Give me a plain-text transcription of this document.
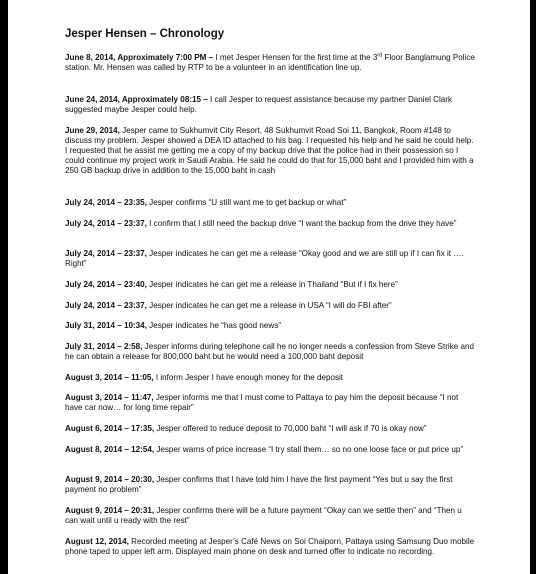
Jesper Hensen – Chronology
June 8, 2014, Approximately 7:00 PM – I met Jesper Hensen for the first time at the 3rd Floor Banglamung Police station. Mr. Hensen was called by RTP to be a volunteer in an identification line up.
June 24, 2014, Approximately 08:15 – I call Jesper to request assistance because my partner Daniel Clark suggested maybe Jesper could help.
June 29, 2014, Jesper came to Sukhumvit City Resort, 48 Sukhumvit Road Soi 11, Bangkok, Room #148 to discuss my problem. Jesper showed a DEA ID attached to his bag. I requested his help and he said he could help. I requested that he assist me getting me a copy of my backup drive that the police had in their possession so I could continue my project work in Saudi Arabia. He said he could do that for 15,000 baht and I provided him with a 250 GB backup drive in addition to the 15,000 baht in cash
July 24, 2014 – 23:35, Jesper confirms “U still want me to get backup or what”
July 24, 2014 – 23:37, I confirm that I still need the backup drive “I want the backup from the drive they have”
July 24, 2014 – 23:37, Jesper indicates he can get me a release “Okay good and we are still up if I can fix it …. Right”
July 24, 2014 – 23:40, Jesper indicates he can get me a release in Thailand “But if I fix here”
July 24, 2014 – 23:37, Jesper indicates he can get me a release in USA “I will do FBI after”
July 31, 2014 – 10:34, Jesper indicates he “has good news”
July 31, 2014 – 2:58, Jesper informs during telephone call he no longer needs a confession from Steve Strike and he can obtain a release for 800,000 baht but he would need a 100,000 baht deposit
August 3, 2014 – 11:05, I inform Jesper I have enough money for the deposit
August 3, 2014 – 11:47, Jesper informs me that I must come to Pattaya to pay him the deposit because “I not have car now… for long time repair”
August 6, 2014 – 17:35, Jesper offered to reduce deposit to 70,000 baht “I will ask if 70 is okay now”
August 8, 2014 – 12:54, Jesper warns of price increase “I try stall them… so no one loose face or put price up”
August 9, 2014 – 20:30, Jesper confirms that I have told him I have the first payment “Yes but u say the first payment no problem”
August 9, 2014 – 20:31, Jesper confirms there will be a future payment “Okay can we settle then” and “Then u can wait until u ready with the rest”
August 12, 2014, Recorded meeting at Jesper’s Café News on Soi Chaiporn, Pattaya using Samsung Duo mobile phone taped to upper left arm. Displayed main phone on desk and turned offer to indicate no recording.
